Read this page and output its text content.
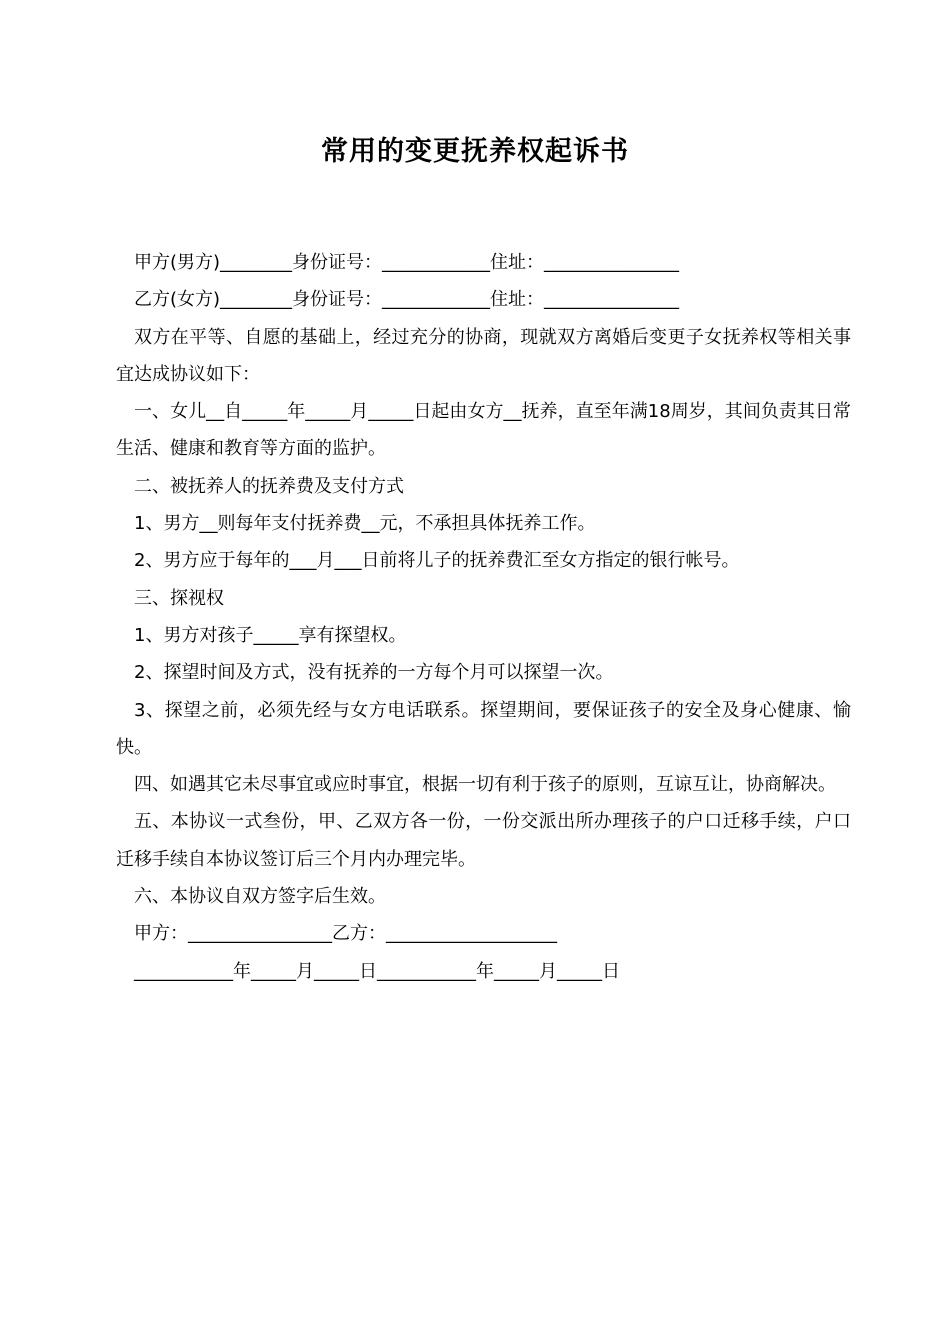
常用的变更抚养权起诉书

甲方(男方)________身份证号：____________住址：_______________

乙方(女方)________身份证号：____________住址：_______________

双方在平等、自愿的基础上，经过充分的协商，现就双方离婚后变更子女抚养权等相关事宜达成协议如下：

一、女儿__自_____年_____月_____日起由女方__抚养，直至年满18周岁，其间负责其日常生活、健康和教育等方面的监护。

二、被抚养人的抚养费及支付方式

1、男方__则每年支付抚养费__元，不承担具体抚养工作。

2、男方应于每年的___月___日前将儿子的抚养费汇至女方指定的银行帐号。

三、探视权

1、男方对孩子_____享有探望权。

2、探望时间及方式，没有抚养的一方每个月可以探望一次。

3、探望之前，必须先经与女方电话联系。探望期间，要保证孩子的安全及身心健康、愉快。

四、如遇其它未尽事宜或应时事宜，根据一切有利于孩子的原则，互谅互让，协商解决。

五、本协议一式叁份，甲、乙双方各一份，一份交派出所办理孩子的户口迁移手续，户口迁移手续自本协议签订后三个月内办理完毕。

六、本协议自双方签字后生效。

甲方：________________乙方：___________________

___________年_____月_____日___________年_____月_____日
